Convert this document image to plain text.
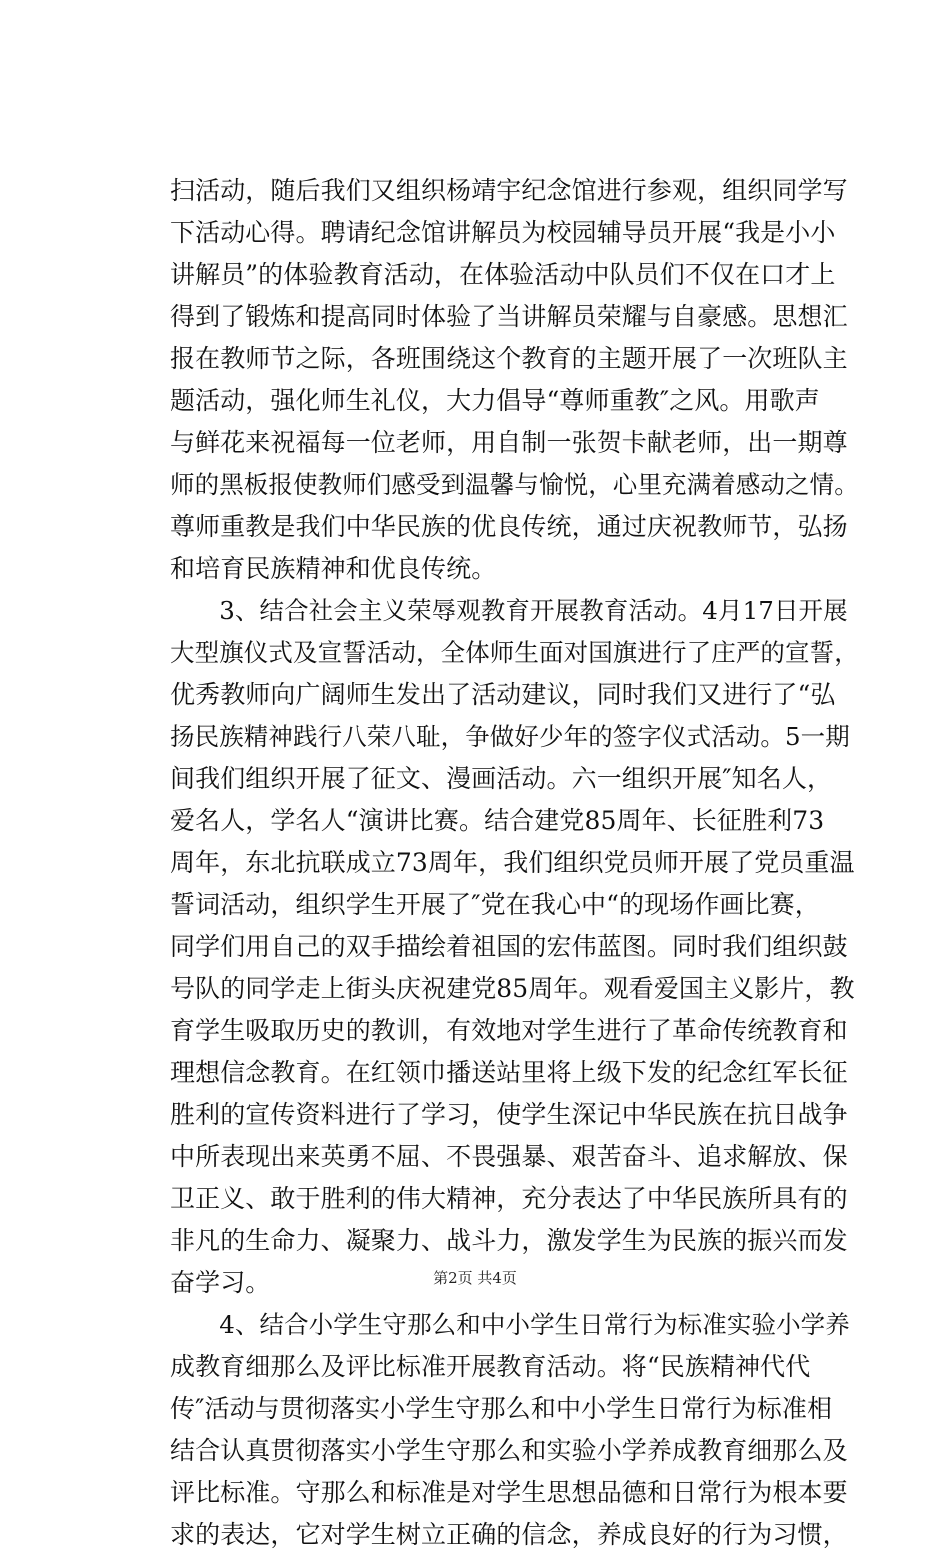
扫活动，随后我们又组织杨靖宇纪念馆进行参观，组织同学写
下活动心得。聘请纪念馆讲解员为校园辅导员开展“我是小小
讲解员”的体验教育活动，在体验活动中队员们不仅在口才上
得到了锻炼和提高同时体验了当讲解员荣耀与自豪感。思想汇
报在教师节之际，各班围绕这个教育的主题开展了一次班队主
题活动，强化师生礼仪，大力倡导“尊师重教″之风。用歌声
与鲜花来祝福每一位老师，用自制一张贺卡献老师，出一期尊
师的黑板报使教师们感受到温馨与愉悦，心里充满着感动之情。
尊师重教是我们中华民族的优良传统，通过庆祝教师节，弘扬
和培育民族精神和优良传统。
　　3、结合社会主义荣辱观教育开展教育活动。4月17日开展
大型旗仪式及宣誓活动，全体师生面对国旗进行了庄严的宣誓，
优秀教师向广阔师生发出了活动建议，同时我们又进行了“弘
扬民族精神践行八荣八耻，争做好少年的签字仪式活动。5一期
间我们组织开展了征文、漫画活动。六一组织开展″知名人，
爱名人，学名人“演讲比赛。结合建党85周年、长征胜利73
周年，东北抗联成立73周年，我们组织党员师开展了党员重温
誓词活动，组织学生开展了″党在我心中“的现场作画比赛，
同学们用自己的双手描绘着祖国的宏伟蓝图。同时我们组织鼓
号队的同学走上街头庆祝建党85周年。观看爱国主义影片，教
育学生吸取历史的教训，有效地对学生进行了革命传统教育和
理想信念教育。在红领巾播送站里将上级下发的纪念红军长征
胜利的宣传资料进行了学习，使学生深记中华民族在抗日战争
中所表现出来英勇不屈、不畏强暴、艰苦奋斗、追求解放、保
卫正义、敢于胜利的伟大精神，充分表达了中华民族所具有的
非凡的生命力、凝聚力、战斗力，激发学生为民族的振兴而发
奋学习。
　　4、结合小学生守那么和中小学生日常行为标准实验小学养
成教育细那么及评比标准开展教育活动。将“民族精神代代
传″活动与贯彻落实小学生守那么和中小学生日常行为标准相
结合认真贯彻落实小学生守那么和实验小学养成教育细那么及
评比标准。守那么和标准是对学生思想品德和日常行为根本要
求的表达，它对学生树立正确的信念，养成良好的行为习惯，
第2页 共4页
